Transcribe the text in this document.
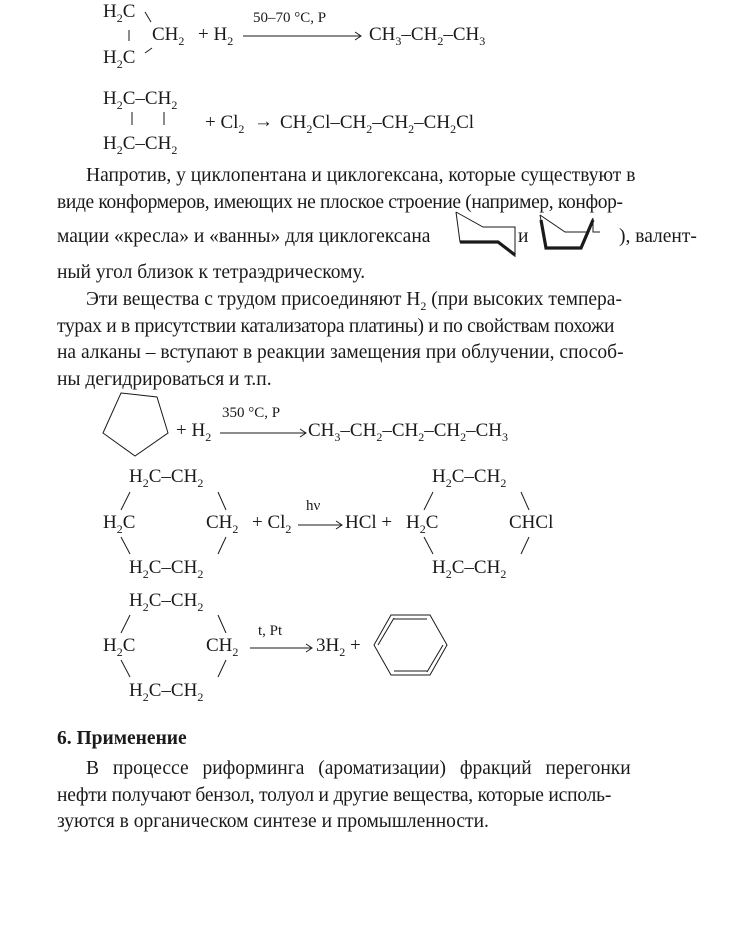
$H_2C$
$H_2C$
$CH_2 + H_2$
50–70 °C, P
$CH_3-CH_2-CH_3$
$H_2C-CH_2$
$H_2C-CH_2$
+ $Cl_2 \to CH_2Cl-CH_2-CH_2-CH_2Cl$
Напротив, у циклопентана и циклогексана, которые существуют в
виде конформеров, имеющих не плоское строение (например, конфор-
мации «кресла» и «ванны» для циклогексана	и	), валент-
ный угол близок к тетраэдрическому.
Эти вещества с трудом присоединяют $H_2$ (при высоких темпера-
турах и в присутствии катализатора платины) и по свойствам похожи
на алканы – вступают в реакции замещения при облучении, способ-
ны дегидрироваться и т.п.
+ $H_2$
350 °C, P
$CH_3-CH_2-CH_2-CH_2-CH_3$
$H_2C-CH_2$
$H_2C$	$CH_2$
$H_2C-CH_2$
+ $Cl_2$
hν
HCl +
$H_2C-CH_2$
$H_2C$	CHCl
$H_2C-CH_2$
$H_2C-CH_2$
$H_2C$	$CH_2$
$H_2C-CH_2$
t, Pt
$3H_2$ +
6. Применение
В процессе риформинга (ароматизации) фракций перегонки
нефти получают бензол, толуол и другие вещества, которые исполь-
зуются в органическом синтезе и промышленности.
